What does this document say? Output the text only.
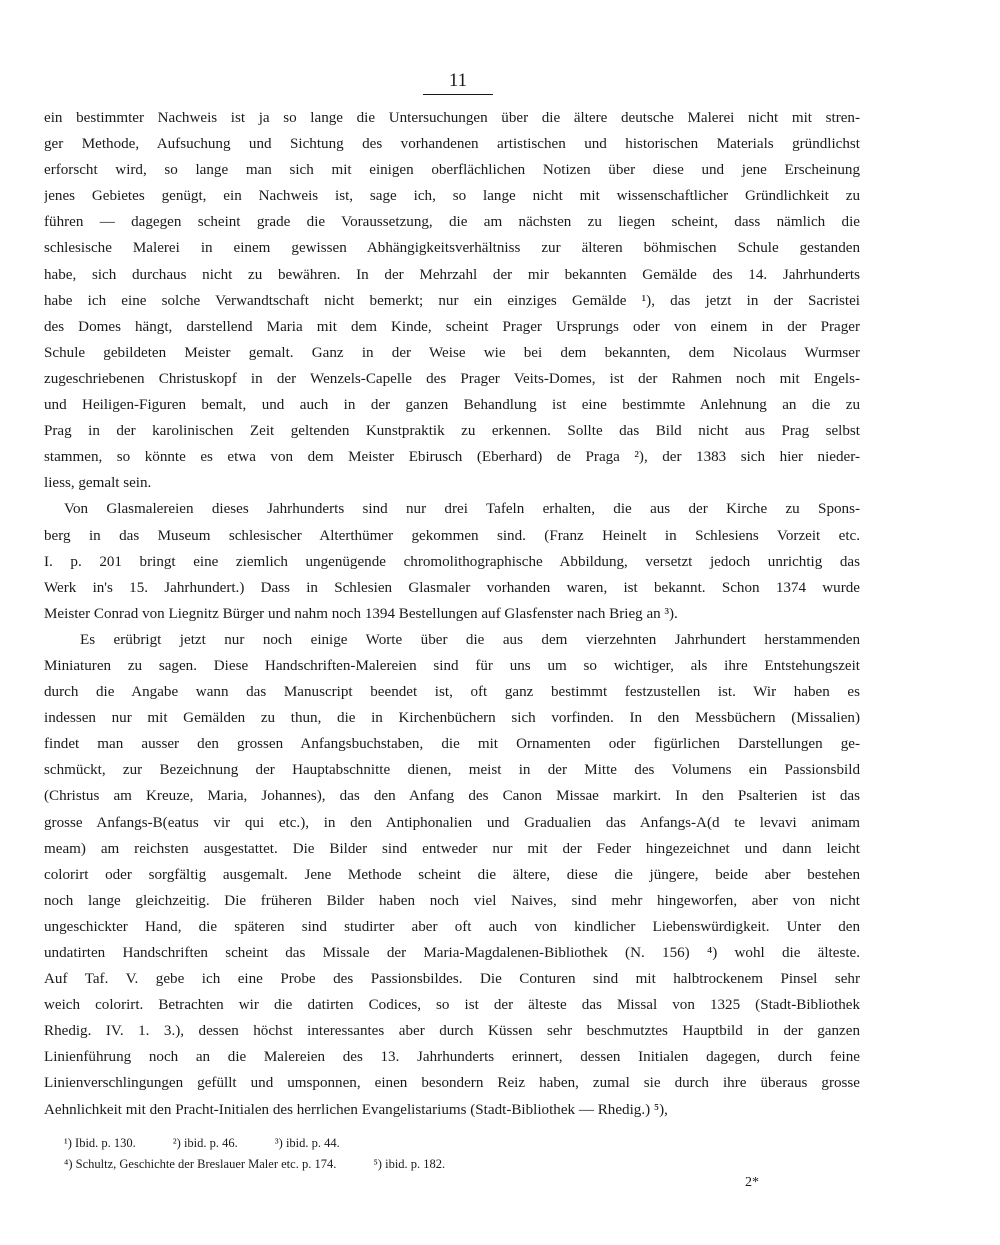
11
ein bestimmter Nachweis ist ja so lange die Untersuchungen über die ältere deutsche Malerei nicht mit stren-
ger Methode, Aufsuchung und Sichtung des vorhandenen artistischen und historischen Materials gründlichst
erforscht wird, so lange man sich mit einigen oberflächlichen Notizen über diese und jene Erscheinung
jenes Gebietes genügt, ein Nachweis ist, sage ich, so lange nicht mit wissenschaftlicher Gründlichkeit zu
führen — dagegen scheint grade die Voraussetzung, die am nächsten zu liegen scheint, dass nämlich die
schlesische Malerei in einem gewissen Abhängigkeitsverhältniss zur älteren böhmischen Schule gestanden
habe, sich durchaus nicht zu bewähren. In der Mehrzahl der mir bekannten Gemälde des 14. Jahrhunderts
habe ich eine solche Verwandtschaft nicht bemerkt; nur ein einziges Gemälde ¹), das jetzt in der Sacristei
des Domes hängt, darstellend Maria mit dem Kinde, scheint Prager Ursprungs oder von einem in der Prager
Schule gebildeten Meister gemalt. Ganz in der Weise wie bei dem bekannten, dem Nicolaus Wurmser
zugeschriebenen Christuskopf in der Wenzels-Capelle des Prager Veits-Domes, ist der Rahmen noch mit Engels-
und Heiligen-Figuren bemalt, und auch in der ganzen Behandlung ist eine bestimmte Anlehnung an die zu
Prag in der karolinischen Zeit geltenden Kunstpraktik zu erkennen. Sollte das Bild nicht aus Prag selbst
stammen, so könnte es etwa von dem Meister Ebirusch (Eberhard) de Praga ²), der 1383 sich hier nieder-
liess, gemalt sein.
Von Glasmalereien dieses Jahrhunderts sind nur drei Tafeln erhalten, die aus der Kirche zu Spons-
berg in das Museum schlesischer Alterthümer gekommen sind. (Franz Heinelt in Schlesiens Vorzeit etc.
I. p. 201 bringt eine ziemlich ungenügende chromolithographische Abbildung, versetzt jedoch unrichtig das
Werk in's 15. Jahrhundert.) Dass in Schlesien Glasmaler vorhanden waren, ist bekannt. Schon 1374 wurde
Meister Conrad von Liegnitz Bürger und nahm noch 1394 Bestellungen auf Glasfenster nach Brieg an ³).
Es erübrigt jetzt nur noch einige Worte über die aus dem vierzehnten Jahrhundert herstammenden
Miniaturen zu sagen. Diese Handschriften-Malereien sind für uns um so wichtiger, als ihre Entstehungszeit
durch die Angabe wann das Manuscript beendet ist, oft ganz bestimmt festzustellen ist. Wir haben es
indessen nur mit Gemälden zu thun, die in Kirchenbüchern sich vorfinden. In den Messbüchern (Missalien)
findet man ausser den grossen Anfangsbuchstaben, die mit Ornamenten oder figürlichen Darstellungen ge-
schmückt, zur Bezeichnung der Hauptabschnitte dienen, meist in der Mitte des Volumens ein Passionsbild
(Christus am Kreuze, Maria, Johannes), das den Anfang des Canon Missae markirt. In den Psalterien ist das
grosse Anfangs-B(eatus vir qui etc.), in den Antiphonalien und Gradualien das Anfangs-A(d te levavi animam
meam) am reichsten ausgestattet. Die Bilder sind entweder nur mit der Feder hingezeichnet und dann leicht
colorirt oder sorgfältig ausgemalt. Jene Methode scheint die ältere, diese die jüngere, beide aber bestehen
noch lange gleichzeitig. Die früheren Bilder haben noch viel Naives, sind mehr hingeworfen, aber von nicht
ungeschickter Hand, die späteren sind studirter aber oft auch von kindlicher Liebenswürdigkeit. Unter den
undatirten Handschriften scheint das Missale der Maria-Magdalenen-Bibliothek (N. 156) ⁴) wohl die älteste.
Auf Taf. V. gebe ich eine Probe des Passionsbildes. Die Conturen sind mit halbtrockenem Pinsel sehr
weich colorirt. Betrachten wir die datirten Codices, so ist der älteste das Missal von 1325 (Stadt-Bibliothek
Rhedig. IV. 1. 3.), dessen höchst interessantes aber durch Küssen sehr beschmutztes Hauptbild in der ganzen
Linienführung noch an die Malereien des 13. Jahrhunderts erinnert, dessen Initialen dagegen, durch feine
Linienverschlingungen gefüllt und umsponnen, einen besondern Reiz haben, zumal sie durch ihre überaus grosse
Aehnlichkeit mit den Pracht-Initialen des herrlichen Evangelistariums (Stadt-Bibliothek — Rhedig.) ⁵),
¹) Ibid. p. 130.	²) ibid. p. 46.	³) ibid. p. 44.
⁴) Schultz, Geschichte der Breslauer Maler etc. p. 174.	⁵) ibid. p. 182.
2*
